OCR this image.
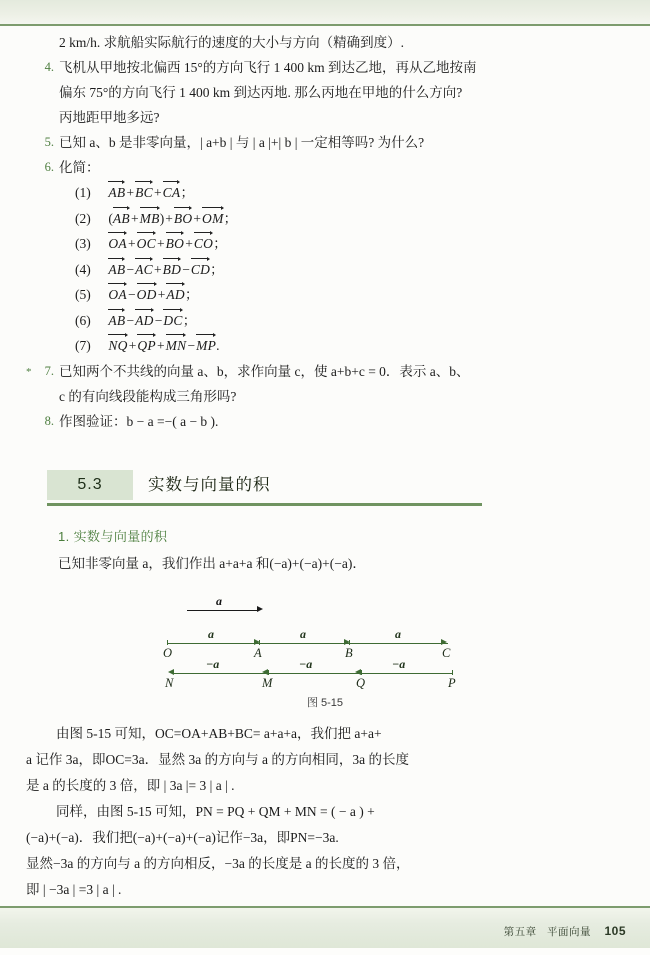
2 km/h. 求航船实际航行的速度的大小与方向（精确到度）.
4. 飞机从甲地按北偏西 15°的方向飞行 1 400 km 到达乙地，再从乙地按南
偏东 75°的方向飞行 1 400 km 到达丙地. 那么丙地在甲地的什么方向?
丙地距甲地多远?
5. 已知 a、b 是非零向量，| a+b | 与 | a |+| b | 一定相等吗? 为什么?
6. 化简：
(1) AB+BC+CA；
(2) (AB+MB)+BO+OM；
(3) OA+OC+BO+CO；
(4) AB−AC+BD−CD；
(5) OA−OD+AD；
(6) AB−AD−DC；
(7) NQ+QP+MN−MP.
* 7. 已知两个不共线的向量 a、b，求作向量 c，使 a+b+c = 0．表示 a、b、
c 的有向线段能构成三角形吗?
8. 作图验证：b − a =−( a − b ).
5.3	实数与向量的积
1. 实数与向量的积
已知非零向量 a，我们作出 a+a+a 和(−a)+(−a)+(−a)．
a
a	a	a
O	A	B	C
−a	−a	−a
N	M	Q	P
图 5-15
由图 5-15 可知，OC=OA+AB+BC= a+a+a，我们把 a+a+
a 记作 3a，即OC=3a．显然 3a 的方向与 a 的方向相同，3a 的长度
是 a 的长度的 3 倍，即 | 3a |= 3 | a | .
同样，由图 5-15 可知，PN = PQ + QM + MN = ( − a ) +
(−a)+(−a)．我们把(−a)+(−a)+(−a)记作−3a，即PN=−3a.
显然−3a 的方向与 a 的方向相反，−3a 的长度是 a 的长度的 3 倍，
即 | −3a | =3 | a | .
第五章 平面向量 105
